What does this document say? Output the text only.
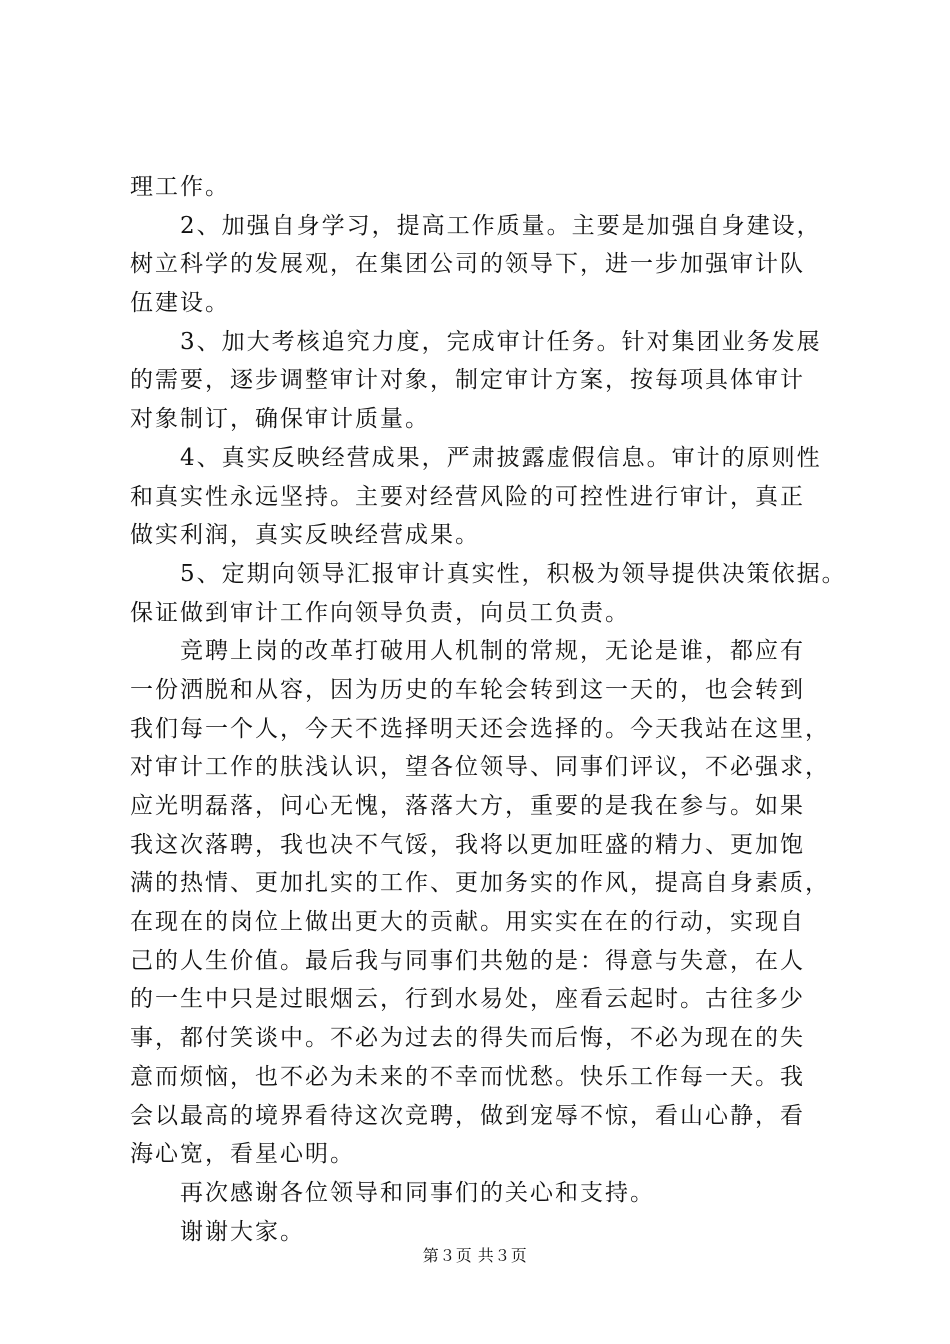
理工作。
　　2、加强自身学习，提高工作质量。主要是加强自身建设，
树立科学的发展观，在集团公司的领导下，进一步加强审计队
伍建设。
　　3、加大考核追究力度，完成审计任务。针对集团业务发展
的需要，逐步调整审计对象，制定审计方案，按每项具体审计
对象制订，确保审计质量。
　　4、真实反映经营成果，严肃披露虚假信息。审计的原则性
和真实性永远坚持。主要对经营风险的可控性进行审计，真正
做实利润，真实反映经营成果。
　　5、定期向领导汇报审计真实性，积极为领导提供决策依据。
保证做到审计工作向领导负责，向员工负责。
　　竞聘上岗的改革打破用人机制的常规，无论是谁，都应有
一份洒脱和从容，因为历史的车轮会转到这一天的，也会转到
我们每一个人，今天不选择明天还会选择的。今天我站在这里，
对审计工作的肤浅认识，望各位领导、同事们评议，不必强求，
应光明磊落，问心无愧，落落大方，重要的是我在参与。如果
我这次落聘，我也决不气馁，我将以更加旺盛的精力、更加饱
满的热情、更加扎实的工作、更加务实的作风，提高自身素质，
在现在的岗位上做出更大的贡献。用实实在在的行动，实现自
己的人生价值。最后我与同事们共勉的是：得意与失意，在人
的一生中只是过眼烟云，行到水易处，座看云起时。古往多少
事，都付笑谈中。不必为过去的得失而后悔，不必为现在的失
意而烦恼，也不必为未来的不幸而忧愁。快乐工作每一天。我
会以最高的境界看待这次竞聘，做到宠辱不惊，看山心静，看
海心宽，看星心明。
　　再次感谢各位领导和同事们的关心和支持。
　　谢谢大家。
第３页 共３页
